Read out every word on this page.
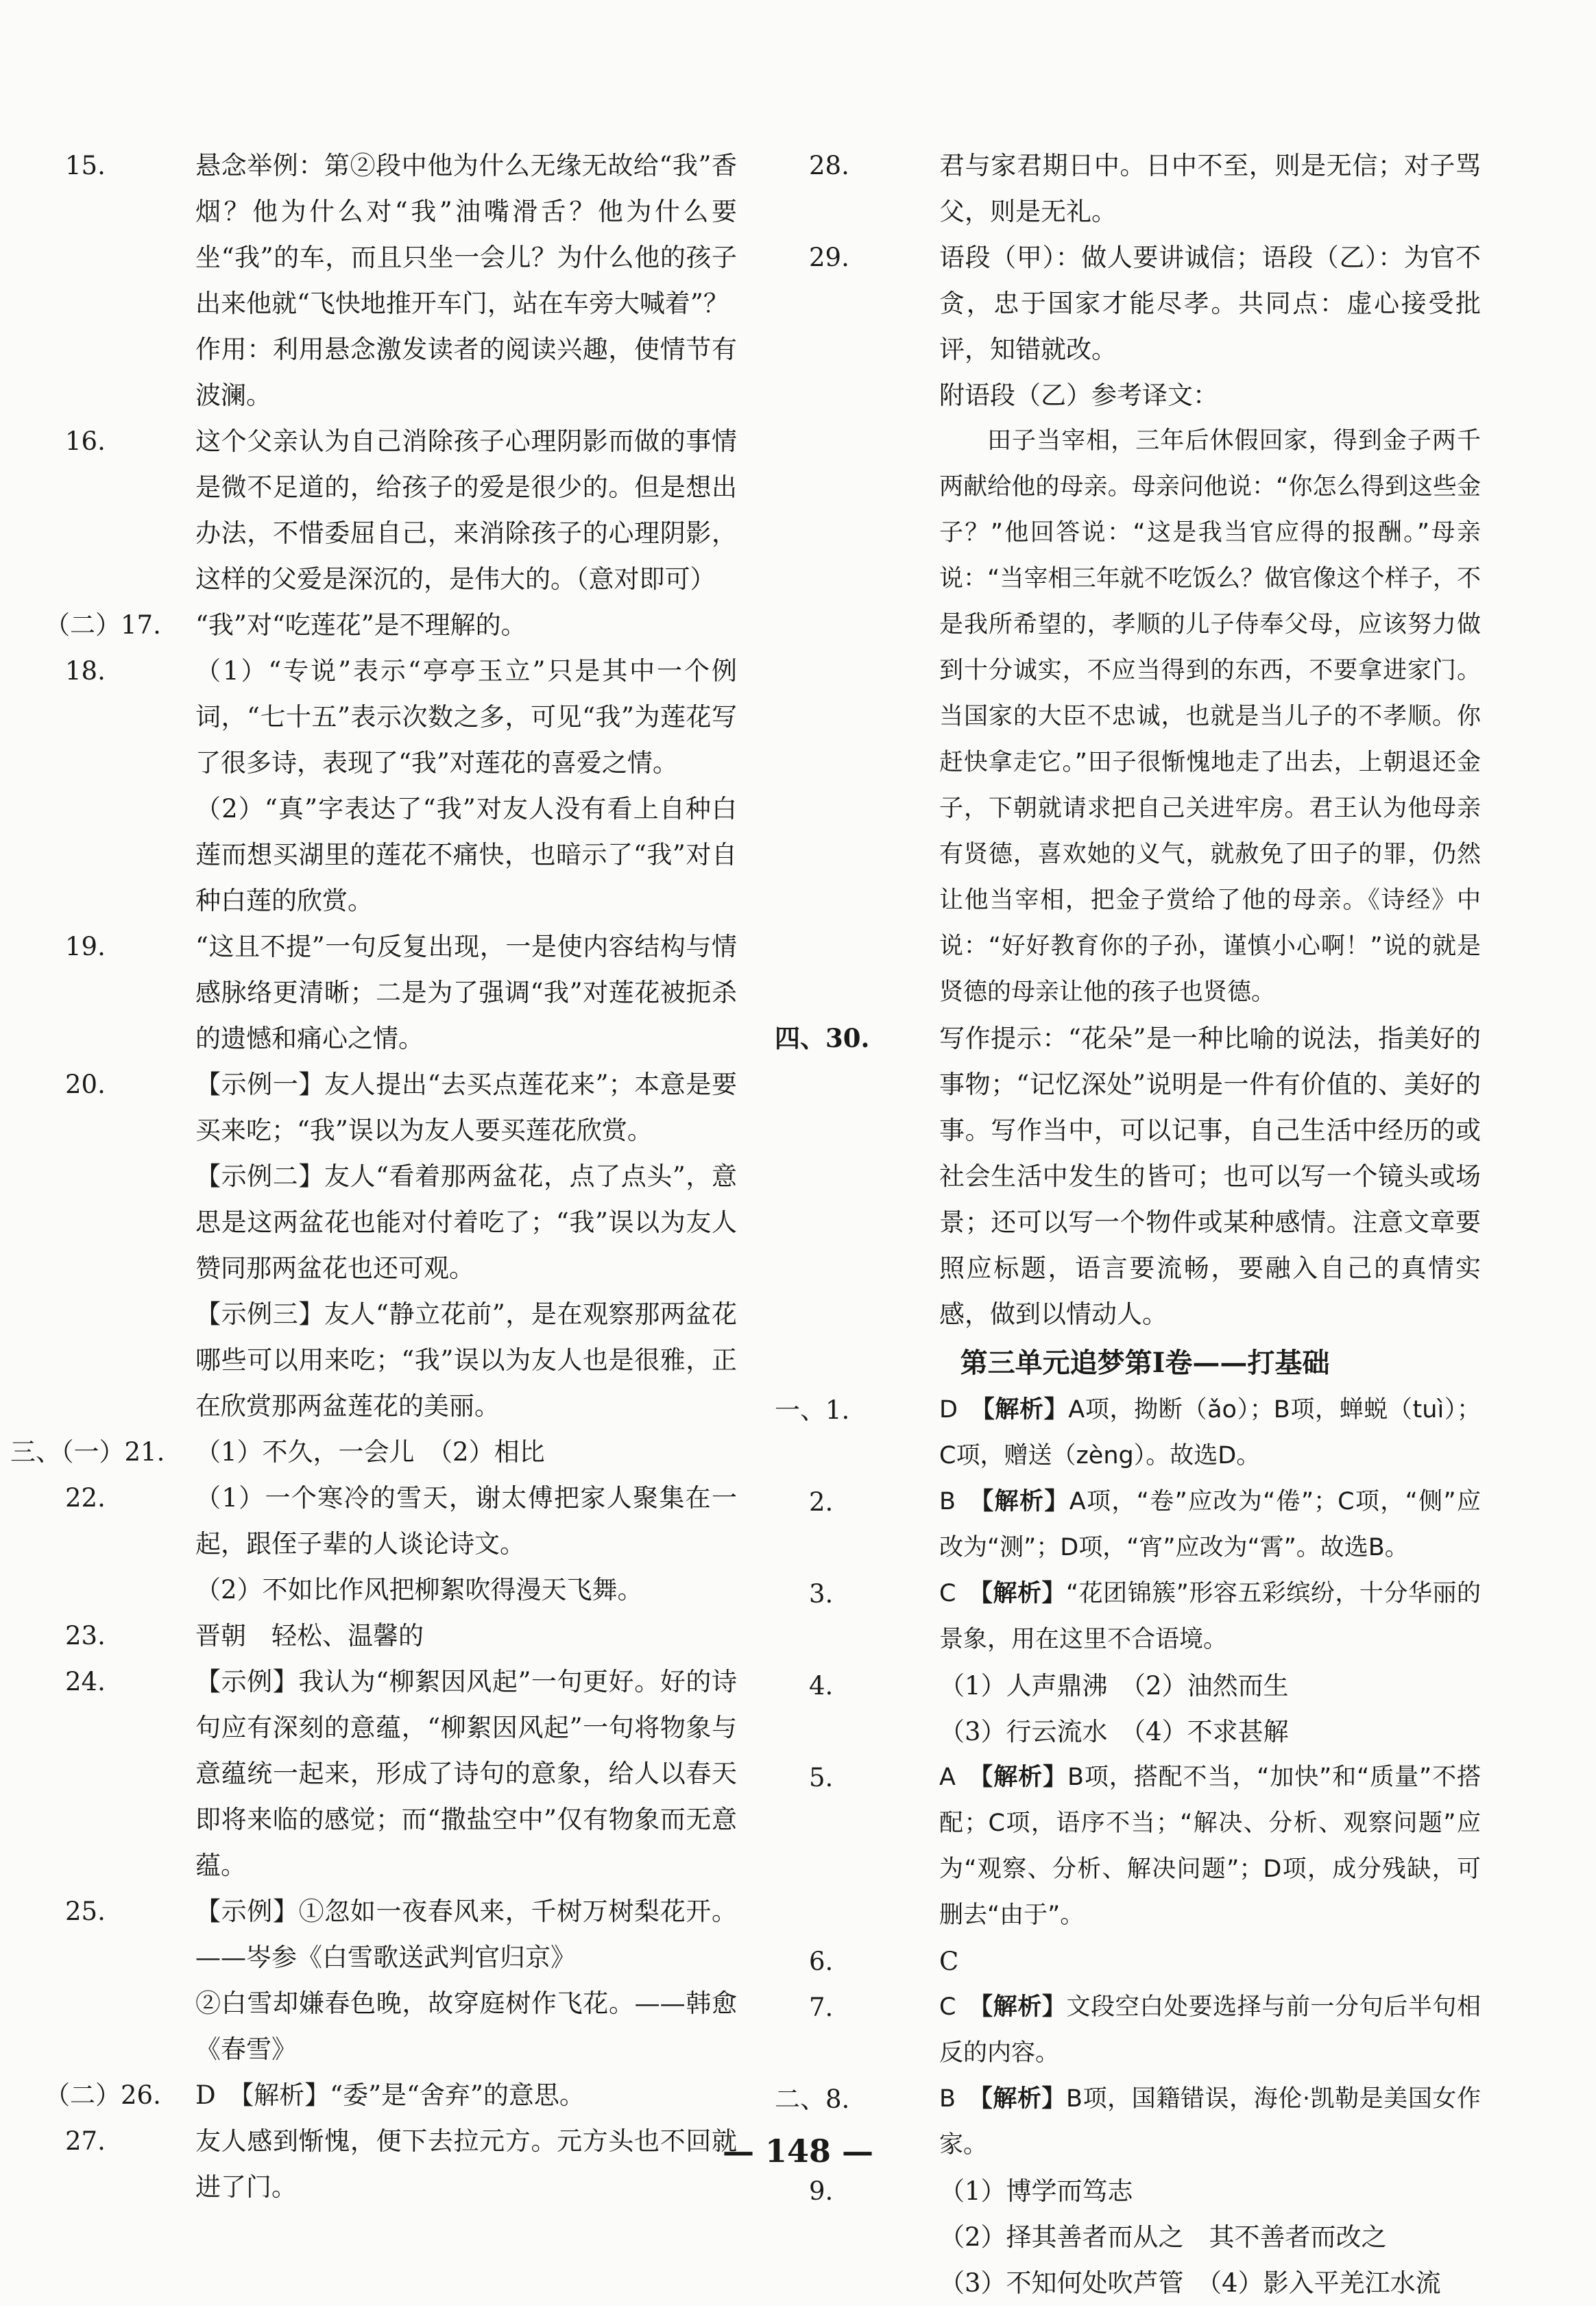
15.	悬念举例：第②段中他为什么无缘无故给“我”香烟？他为什么对“我”油嘴滑舌？他为什么要坐“我”的车，而且只坐一会儿？为什么他的孩子出来他就“飞快地推开车门，站在车旁大喊着”？

作用：利用悬念激发读者的阅读兴趣，使情节有波澜。

16.	这个父亲认为自己消除孩子心理阴影而做的事情是微不足道的，给孩子的爱是很少的。但是想出办法，不惜委屈自己，来消除孩子的心理阴影，这样的父爱是深沉的，是伟大的。（意对即可）

（二）17. “我”对“吃莲花”是不理解的。

18.	（1）“专说”表示“亭亭玉立”只是其中一个例词，“七十五”表示次数之多，可见“我”为莲花写了很多诗，表现了“我”对莲花的喜爱之情。

（2）“真”字表达了“我”对友人没有看上自种白莲而想买湖里的莲花不痛快，也暗示了“我”对自种白莲的欣赏。

19.	“这且不提”一句反复出现，一是使内容结构与情感脉络更清晰；二是为了强调“我”对莲花被扼杀的遗憾和痛心之情。

20.	【示例一】友人提出“去买点莲花来”；本意是要买来吃；“我”误以为友人要买莲花欣赏。

【示例二】友人“看着那两盆花，点了点头”，意思是这两盆花也能对付着吃了；“我”误以为友人赞同那两盆花也还可观。

【示例三】友人“静立花前”，是在观察那两盆花哪些可以用来吃；“我”误以为友人也是很雅，正在欣赏那两盆莲花的美丽。

三、（一）21. （1）不久，一会儿　（2）相比

22.	（1）一个寒冷的雪天，谢太傅把家人聚集在一起，跟侄子辈的人谈论诗文。

（2）不如比作风把柳絮吹得漫天飞舞。

23.	晋朝　轻松、温馨的

24.	【示例】我认为“柳絮因风起”一句更好。好的诗句应有深刻的意蕴，“柳絮因风起”一句将物象与意蕴统一起来，形成了诗句的意象，给人以春天即将来临的感觉；而“撒盐空中”仅有物象而无意蕴。

25.	【示例】①忽如一夜春风来，千树万树梨花开。——岑参《白雪歌送武判官归京》

②白雪却嫌春色晚，故穿庭树作飞花。——韩愈《春雪》

（二）26. D　【解析】“委”是“舍弃”的意思。

27.	友人感到惭愧，便下去拉元方。元方头也不回就进了门。

28.	君与家君期日中。日中不至，则是无信；对子骂父，则是无礼。

29.	语段（甲）：做人要讲诚信；语段（乙）：为官不贪，忠于国家才能尽孝。共同点：虚心接受批评，知错就改。

附语段（乙）参考译文：

田子当宰相，三年后休假回家，得到金子两千两献给他的母亲。母亲问他说：“你怎么得到这些金子？”他回答说：“这是我当官应得的报酬。”母亲说：“当宰相三年就不吃饭么？做官像这个样子，不是我所希望的，孝顺的儿子侍奉父母，应该努力做到十分诚实，不应当得到的东西，不要拿进家门。当国家的大臣不忠诚，也就是当儿子的不孝顺。你赶快拿走它。”田子很惭愧地走了出去，上朝退还金子，下朝就请求把自己关进牢房。君王认为他母亲有贤德，喜欢她的义气，就赦免了田子的罪，仍然让他当宰相，把金子赏给了他的母亲。《诗经》中说：“好好教育你的子孙，谨慎小心啊！”说的就是贤德的母亲让他的孩子也贤德。

四、30.	写作提示：“花朵”是一种比喻的说法，指美好的事物；“记忆深处”说明是一件有价值的、美好的事。写作当中，可以记事，自己生活中经历的或社会生活中发生的皆可；也可以写一个镜头或场景；还可以写一个物件或某种感情。注意文章要照应标题，语言要流畅，要融入自己的真情实感，做到以情动人。

第三单元追梦第Ⅰ卷——打基础
一、1.	D　 【解析】A项，拗断（ǎo）；B项，蝉蜕（tuì）；C项，赠送（zèng）。故选D。

2.	B　 【解析】A项，“卷”应改为“倦”；C项，“侧”应改为“测”；D项，“宵”应改为“霄”。故选B。

3.	C　 【解析】“花团锦簇”形容五彩缤纷，十分华丽的景象，用在这里不合语境。

4.	（1）人声鼎沸　（2）油然而生

（3）行云流水　（4）不求甚解

5.	A　 【解析】B项，搭配不当，“加快”和“质量”不搭配；C项，语序不当；“解决、分析、观察问题”应为“观察、分析、解决问题”；D项，成分残缺，可删去“由于”。

6.	C

7.	C　 【解析】文段空白处要选择与前一分句后半句相反的内容。

二、8.	B　 【解析】B项，国籍错误，海伦·凯勒是美国女作家。

9.	（1）博学而笃志

（2）择其善者而从之　其不善者而改之

（3）不知何处吹芦管　（4）影入平羌江水流

— 148 —
